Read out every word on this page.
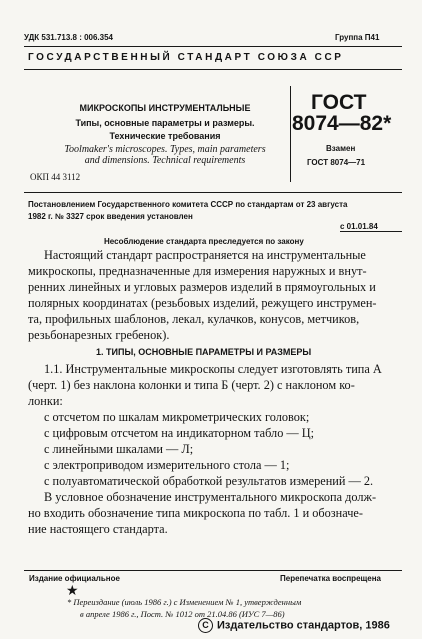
УДК 531.713.8 : 006.354	Группа П41
ГОСУДАРСТВЕННЫЙ СТАНДАРТ СОЮЗА ССР
МИКРОСКОПЫ ИНСТРУМЕНТАЛЬНЫЕ
Типы, основные параметры и размеры.
Технические требования
Toolmaker's microscopes. Types, main parameters
and dimensions. Technical requirements
ОКП 44 3112
ГОСТ
8074—82*
Взамен
ГОСТ 8074—71
Постановлением Государственного комитета СССР по стандартам от 23 августа
1982 г. № 3327 срок введения установлен
с 01.01.84
Несоблюдение стандарта преследуется по закону
Настоящий стандарт распространяется на инструментальные
микроскопы, предназначенные для измерения наружных и внут-
ренних линейных и угловых размеров изделий в прямоугольных и
полярных координатах (резьбовых изделий, режущего инструмен-
та, профильных шаблонов, лекал, кулачков, конусов, метчиков,
резьбонарезных гребенок).
1. ТИПЫ, ОСНОВНЫЕ ПАРАМЕТРЫ И РАЗМЕРЫ
1.1. Инструментальные микроскопы следует изготовлять типа А
(черт. 1) без наклона колонки и типа Б (черт. 2) с наклоном ко-
лонки:
с отсчетом по шкалам микрометрических головок;
с цифровым отсчетом на индикаторном табло — Ц;
с линейными шкалами — Л;
с электроприводом измерительного стола — 1;
с полуавтоматической обработкой результатов измерений — 2.
В условное обозначение инструментального микроскопа долж-
но входить обозначение типа микроскопа по табл. 1 и обозначе-
ние настоящего стандарта.
Издание официальное	Перепечатка воспрещена
★
* Переиздание (июль 1986 г.) с Изменением № 1, утвержденным
в апреле 1986 г., Пост. № 1012 от 21.04.86 (ИУС 7—86)
С Издательство стандартов, 1986
